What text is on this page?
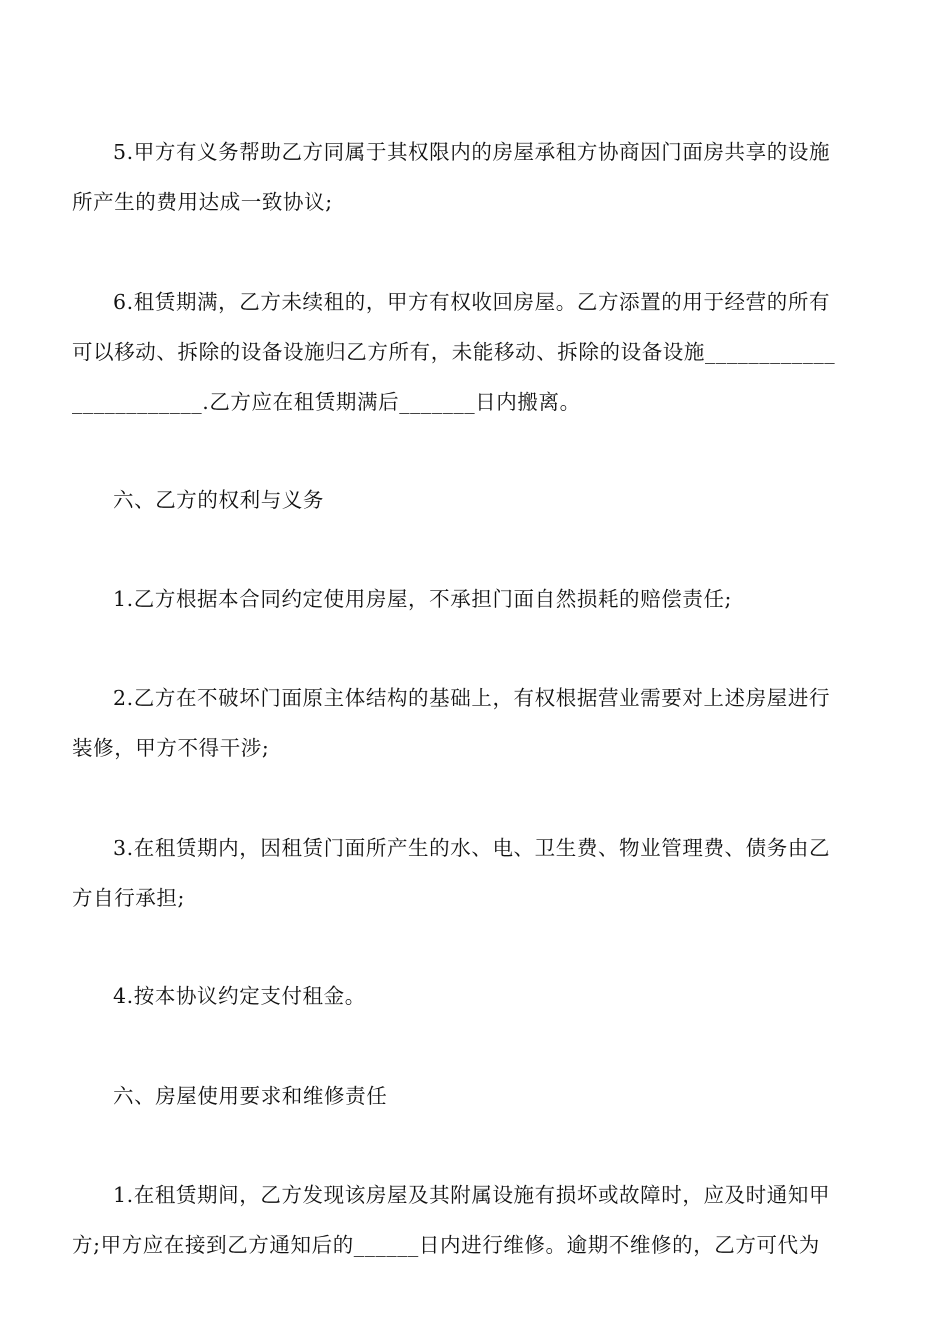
5.甲方有义务帮助乙方同属于其权限内的房屋承租方协商因门面房共享的设施
所产生的费用达成一致协议;

6.租赁期满，乙方未续租的，甲方有权收回房屋。乙方添置的用于经营的所有
可以移动、拆除的设备设施归乙方所有，未能移动、拆除的设备设施____________
____________.乙方应在租赁期满后_______日内搬离。

六、乙方的权利与义务

1.乙方根据本合同约定使用房屋，不承担门面自然损耗的赔偿责任;

2.乙方在不破坏门面原主体结构的基础上，有权根据营业需要对上述房屋进行
装修，甲方不得干涉;

3.在租赁期内，因租赁门面所产生的水、电、卫生费、物业管理费、债务由乙
方自行承担;

4.按本协议约定支付租金。

六、房屋使用要求和维修责任

1.在租赁期间，乙方发现该房屋及其附属设施有损坏或故障时，应及时通知甲
方;甲方应在接到乙方通知后的______日内进行维修。逾期不维修的，乙方可代为
